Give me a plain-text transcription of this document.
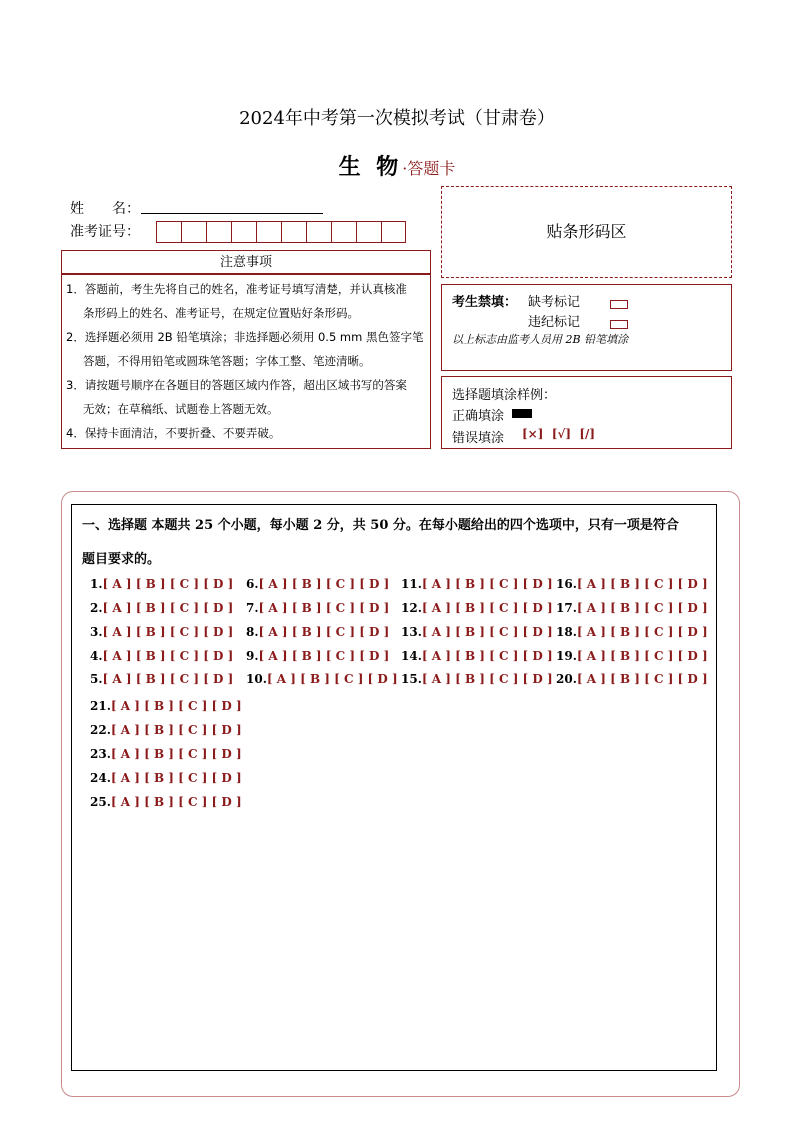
2024年中考第一次模拟考试（甘肃卷）
生 物·答题卡
姓　　名：
准考证号：
注意事项
1．答题前，考生先将自己的姓名，准考证号填写清楚，并认真核准
条形码上的姓名、准考证号，在规定位置贴好条形码。
2．选择题必须用 2B 铅笔填涂；非选择题必须用 0.5 mm 黑色签字笔
答题，不得用铅笔或圆珠笔答题；字体工整、笔迹清晰。
3．请按题号顺序在各题目的答题区域内作答，超出区域书写的答案
无效；在草稿纸、试题卷上答题无效。
4．保持卡面清洁，不要折叠、不要弄破。
贴条形码区
考生禁填： 缺考标记
违纪标记
以上标志由监考人员用 2B 铅笔填涂
选择题填涂样例：
正确填涂
错误填涂 [×]  [√]  [/]
一、选择题 本题共 25 个小题，每小题 2 分，共 50 分。在每小题给出的四个选项中，只有一项是符合
题目要求的。
1.[ A ] [ B ] [ C ] [ D ]
2.[ A ] [ B ] [ C ] [ D ]
3.[ A ] [ B ] [ C ] [ D ]
4.[ A ] [ B ] [ C ] [ D ]
5.[ A ] [ B ] [ C ] [ D ]
6.[ A ] [ B ] [ C ] [ D ]
7.[ A ] [ B ] [ C ] [ D ]
8.[ A ] [ B ] [ C ] [ D ]
9.[ A ] [ B ] [ C ] [ D ]
10.[ A ] [ B ] [ C ] [ D ]
11.[ A ] [ B ] [ C ] [ D ]
12.[ A ] [ B ] [ C ] [ D ]
13.[ A ] [ B ] [ C ] [ D ]
14.[ A ] [ B ] [ C ] [ D ]
15.[ A ] [ B ] [ C ] [ D ]
16.[ A ] [ B ] [ C ] [ D ]
17.[ A ] [ B ] [ C ] [ D ]
18.[ A ] [ B ] [ C ] [ D ]
19.[ A ] [ B ] [ C ] [ D ]
20.[ A ] [ B ] [ C ] [ D ]
21.[ A ] [ B ] [ C ] [ D ]
22.[ A ] [ B ] [ C ] [ D ]
23.[ A ] [ B ] [ C ] [ D ]
24.[ A ] [ B ] [ C ] [ D ]
25.[ A ] [ B ] [ C ] [ D ]
